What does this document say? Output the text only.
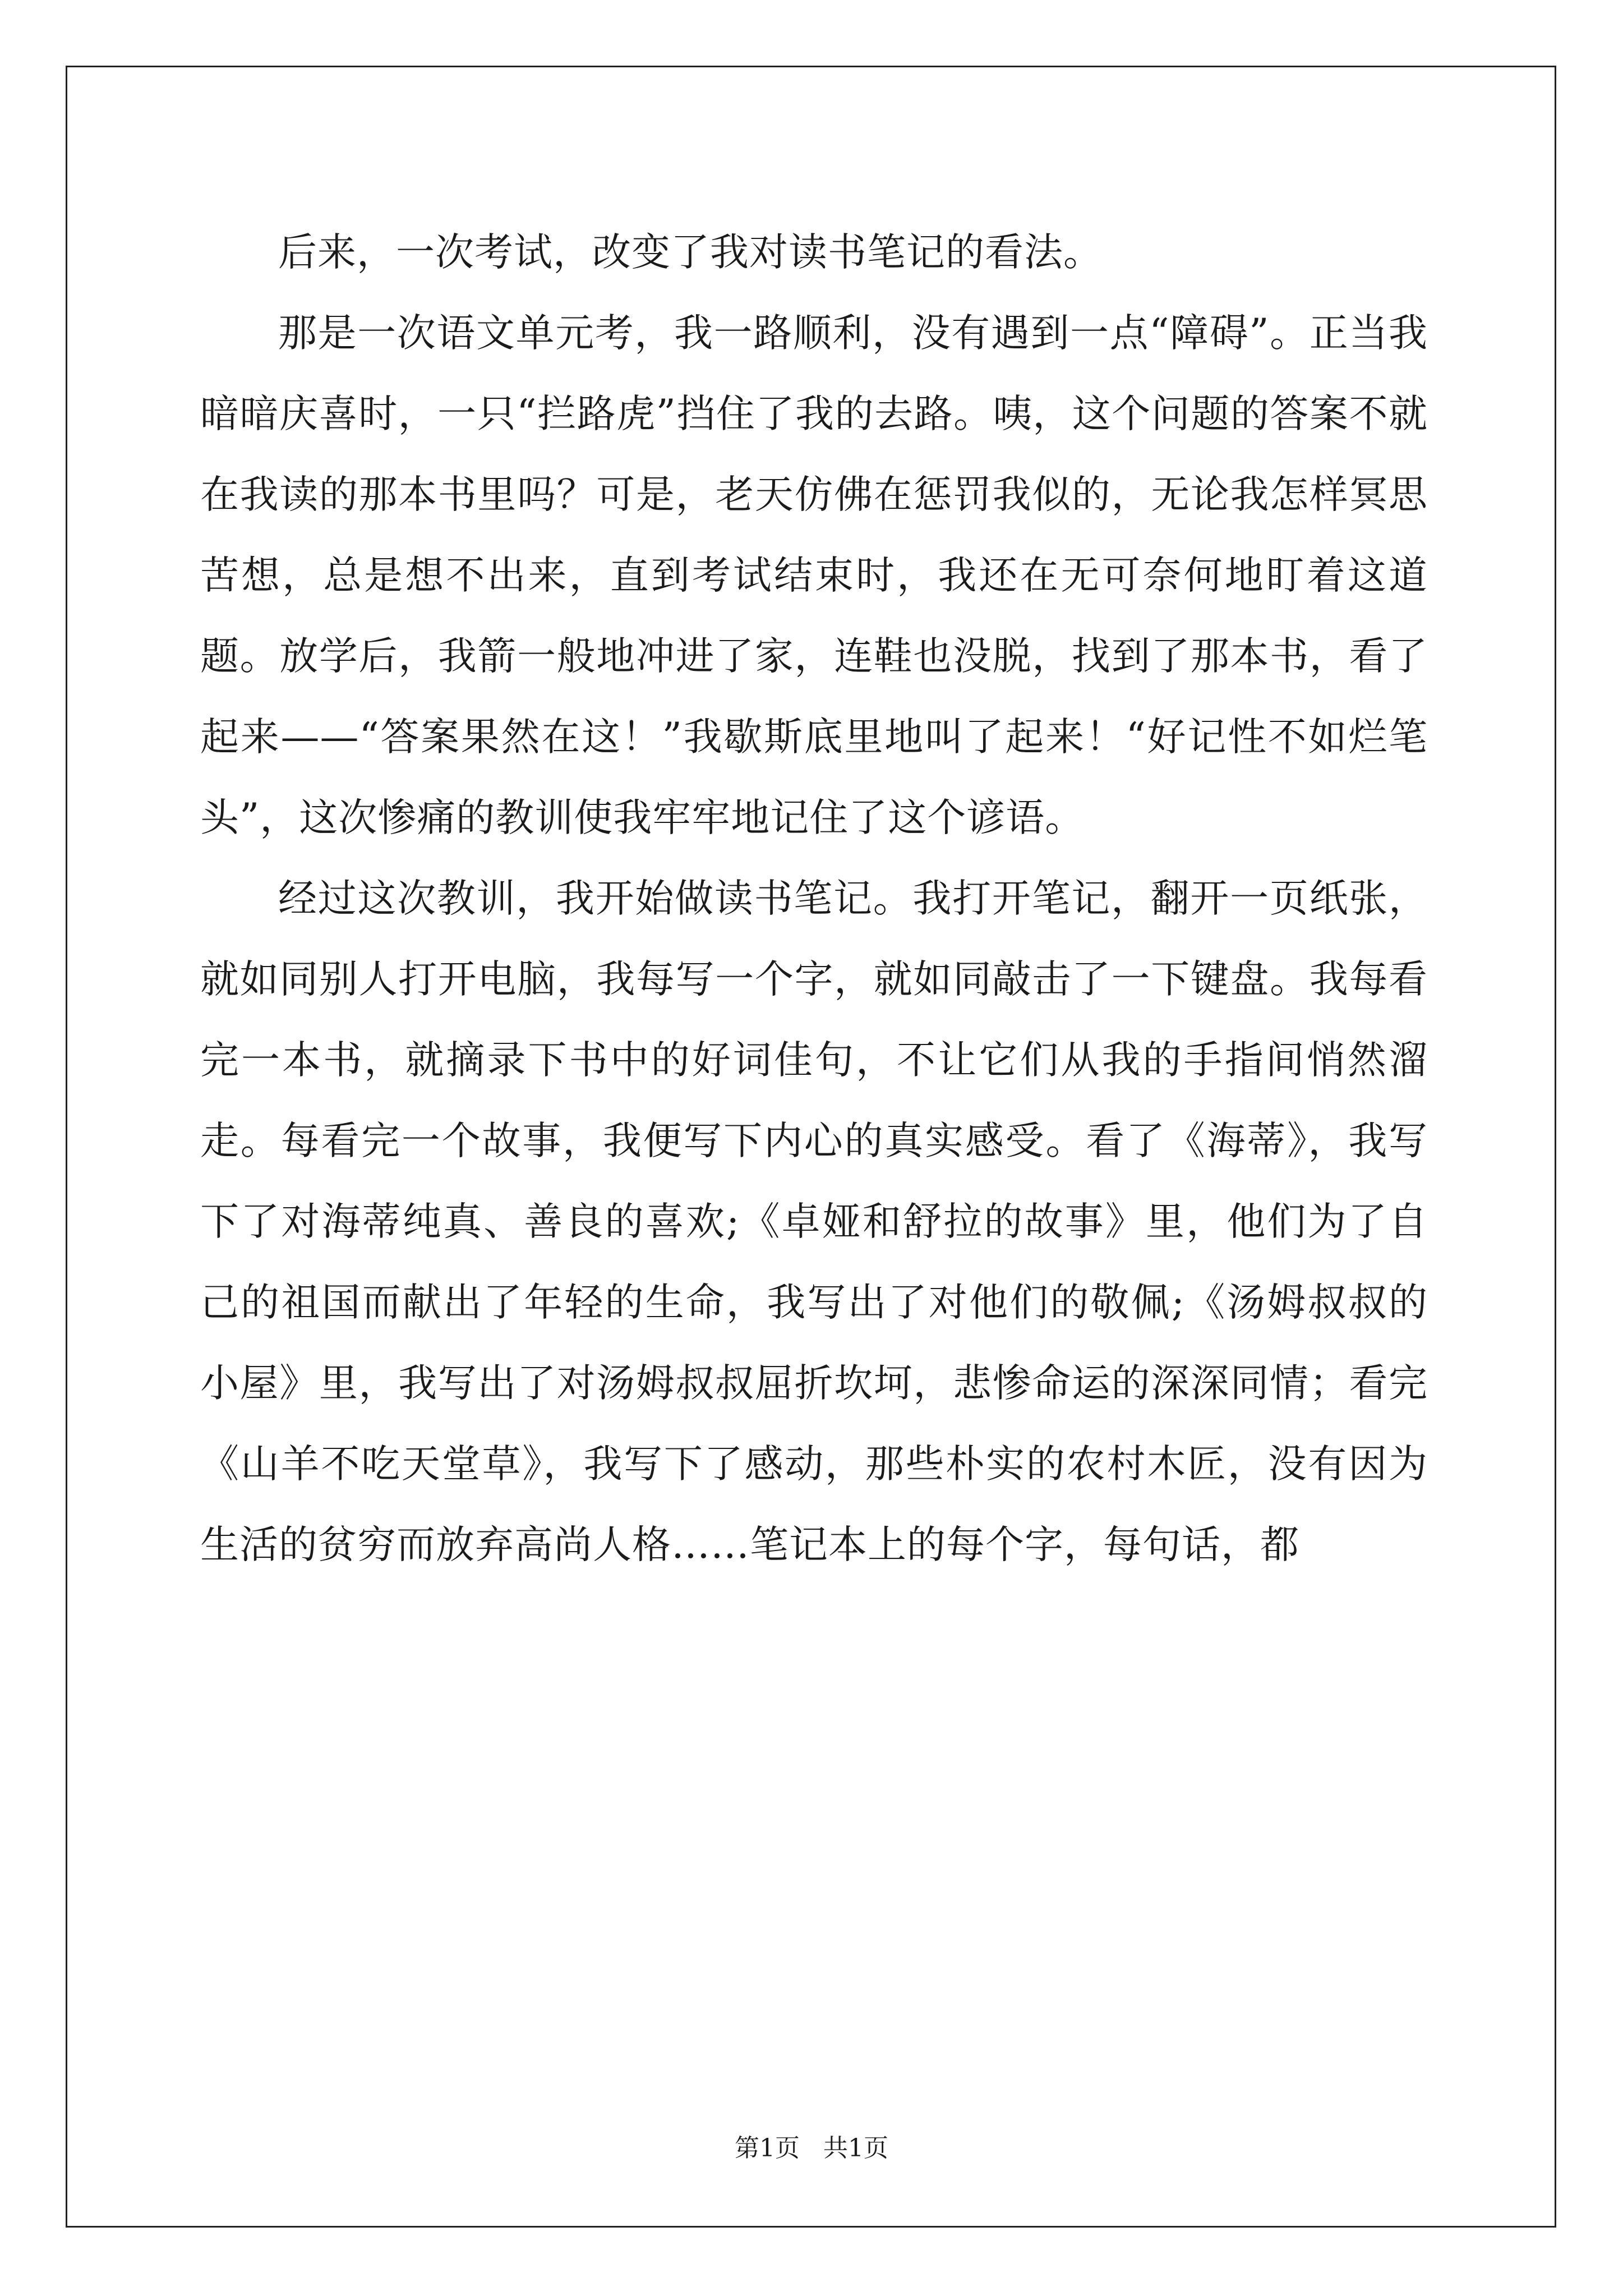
后来，一次考试，改变了我对读书笔记的看法。

那是一次语文单元考，我一路顺利，没有遇到一点“障碍”。正当我暗暗庆喜时，一只“拦路虎”挡住了我的去路。咦，这个问题的答案不就在我读的那本书里吗？可是，老天仿佛在惩罚我似的，无论我怎样冥思苦想，总是想不出来，直到考试结束时，我还在无可奈何地盯着这道题。放学后，我箭一般地冲进了家，连鞋也没脱，找到了那本书，看了起来——“答案果然在这！”我歇斯底里地叫了起来！“好记性不如烂笔头”，这次惨痛的教训使我牢牢地记住了这个谚语。

经过这次教训，我开始做读书笔记。我打开笔记，翻开一页纸张，就如同别人打开电脑，我每写一个字，就如同敲击了一下键盘。我每看完一本书，就摘录下书中的好词佳句，不让它们从我的手指间悄然溜走。每看完一个故事，我便写下内心的真实感受。看了《海蒂》，我写下了对海蒂纯真、善良的喜欢;《卓娅和舒拉的故事》里，他们为了自己的祖国而献出了年轻的生命，我写出了对他们的敬佩;《汤姆叔叔的小屋》里，我写出了对汤姆叔叔屈折坎坷，悲惨命运的深深同情；看完《山羊不吃天堂草》，我写下了感动，那些朴实的农村木匠，没有因为生活的贫穷而放弃高尚人格……笔记本上的每个字，每句话，都

第1页   共1页
